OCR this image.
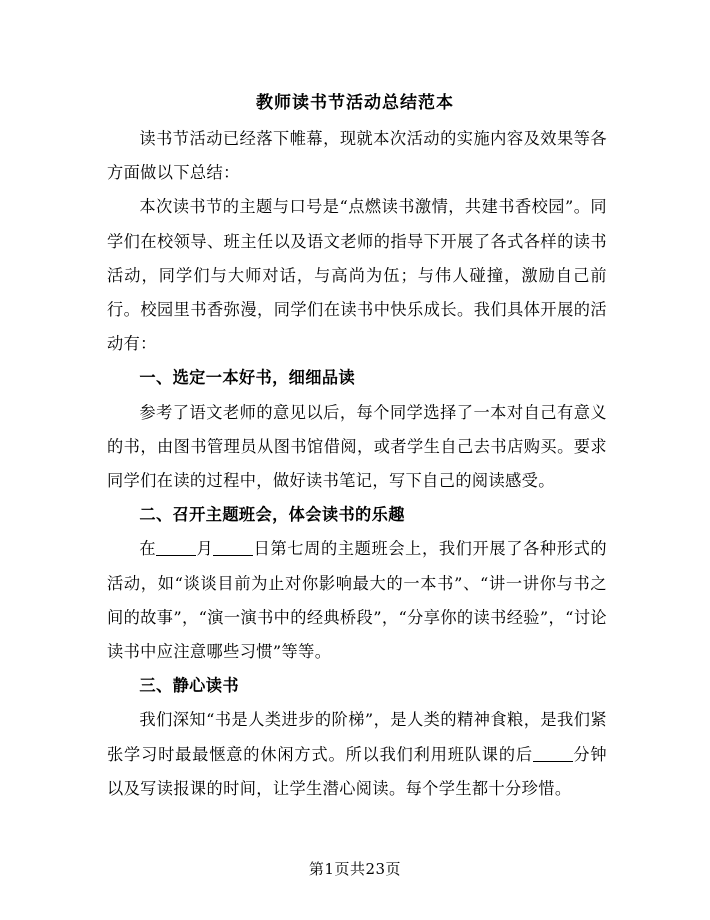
教师读书节活动总结范本

读书节活动已经落下帷幕，现就本次活动的实施内容及效果等各方面做以下总结：

本次读书节的主题与口号是“点燃读书激情，共建书香校园”。同学们在校领导、班主任以及语文老师的指导下开展了各式各样的读书活动，同学们与大师对话，与高尚为伍；与伟人碰撞，激励自己前行。校园里书香弥漫，同学们在读书中快乐成长。我们具体开展的活动有：

一、选定一本好书，细细品读

参考了语文老师的意见以后，每个同学选择了一本对自己有意义的书，由图书管理员从图书馆借阅，或者学生自己去书店购买。要求同学们在读的过程中，做好读书笔记，写下自己的阅读感受。

二、召开主题班会，体会读书的乐趣

在 月 日第七周的主题班会上，我们开展了各种形式的活动，如“谈谈目前为止对你影响最大的一本书”、“讲一讲你与书之间的故事”，“演一演书中的经典桥段”，“分享你的读书经验”，“讨论读书中应注意哪些习惯”等等。

三、静心读书

我们深知“书是人类进步的阶梯”，是人类的精神食粮，是我们紧张学习时最最惬意的休闲方式。所以我们利用班队课的后 分钟以及写读报课的时间，让学生潜心阅读。每个学生都十分珍惜。

第1页共23页
